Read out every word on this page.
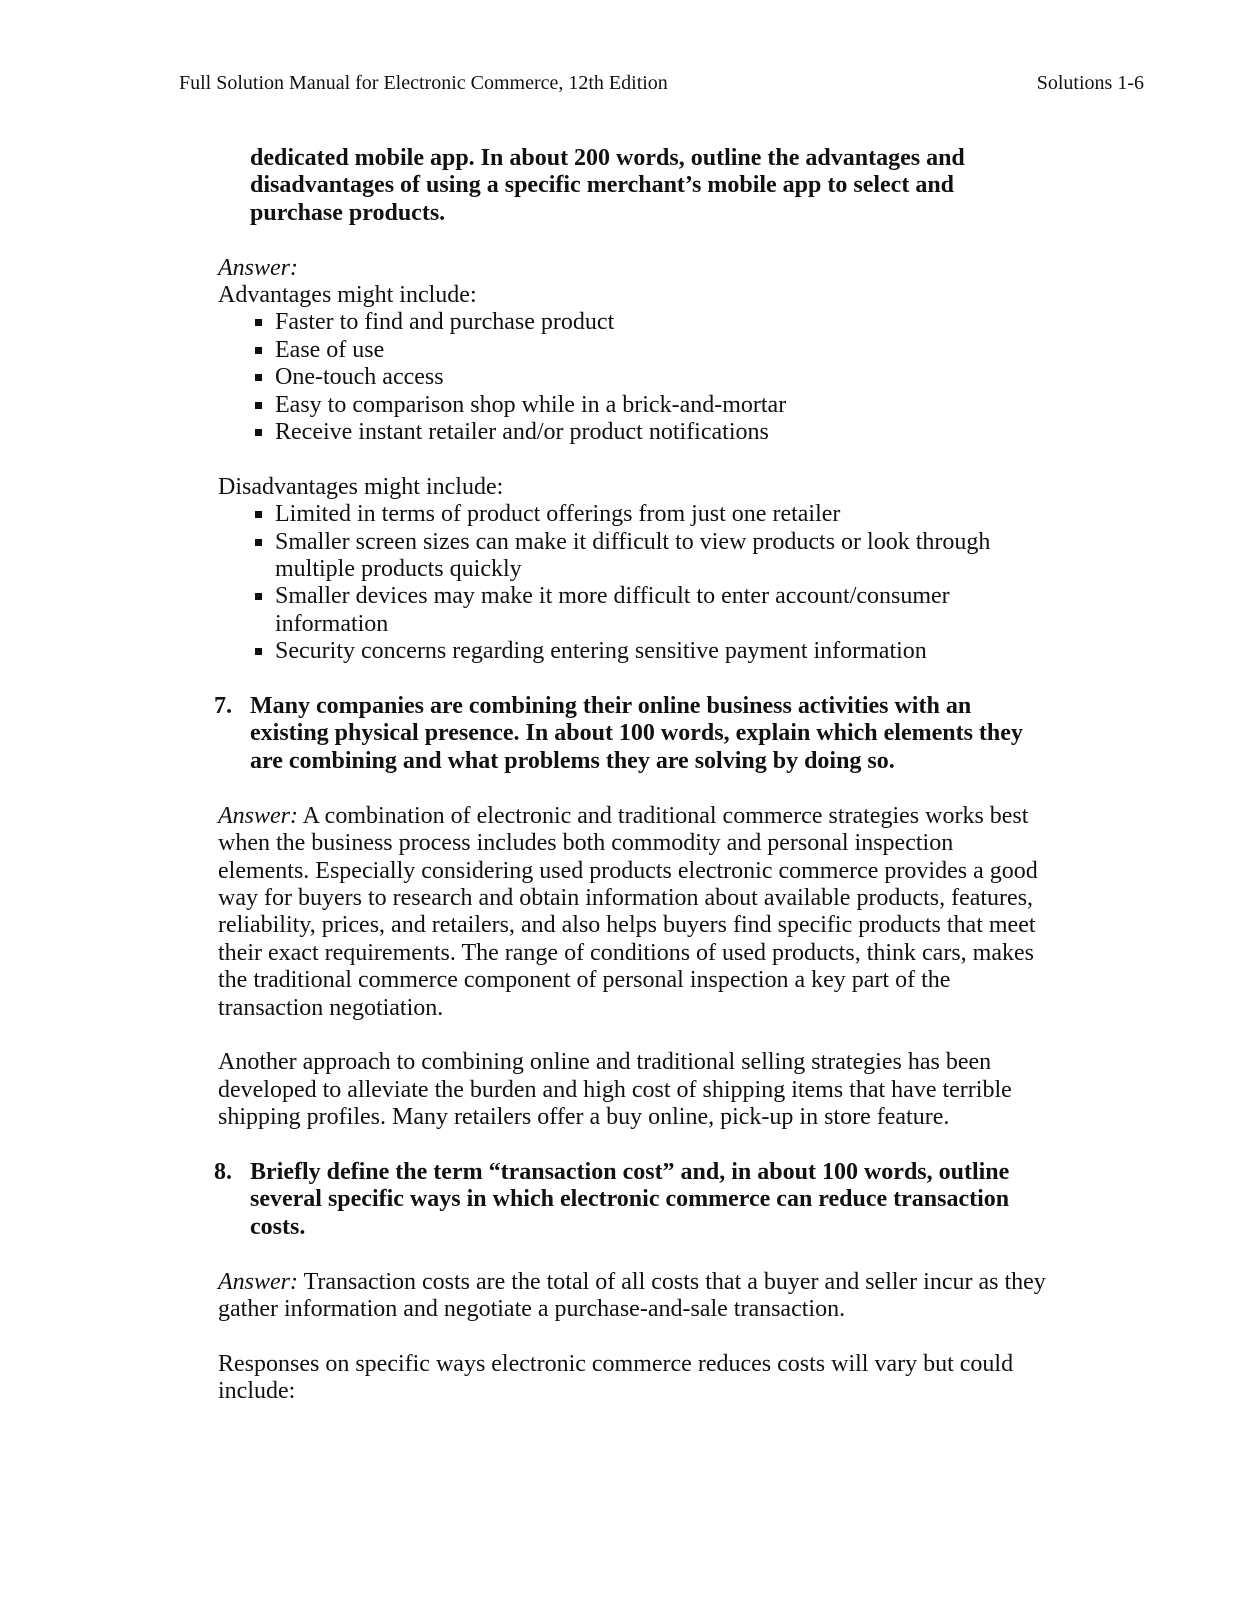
Full Solution Manual for Electronic Commerce, 12th Edition	Solutions 1-6

dedicated mobile app. In about 200 words, outline the advantages and disadvantages of using a specific merchant’s mobile app to select and purchase products.

Answer:

Advantages might include:

Faster to find and purchase product
Ease of use
One-touch access
Easy to comparison shop while in a brick-and-mortar
Receive instant retailer and/or product notifications

Disadvantages might include:

Limited in terms of product offerings from just one retailer
Smaller screen sizes can make it difficult to view products or look through multiple products quickly
Smaller devices may make it more difficult to enter account/consumer information
Security concerns regarding entering sensitive payment information
7. Many companies are combining their online business activities with an existing physical presence. In about 100 words, explain which elements they are combining and what problems they are solving by doing so.

Answer: A combination of electronic and traditional commerce strategies works best when the business process includes both commodity and personal inspection elements. Especially considering used products electronic commerce provides a good way for buyers to research and obtain information about available products, features, reliability, prices, and retailers, and also helps buyers find specific products that meet their exact requirements. The range of conditions of used products, think cars, makes the traditional commerce component of personal inspection a key part of the transaction negotiation.

Another approach to combining online and traditional selling strategies has been developed to alleviate the burden and high cost of shipping items that have terrible shipping profiles. Many retailers offer a buy online, pick-up in store feature.

8. Briefly define the term “transaction cost” and, in about 100 words, outline several specific ways in which electronic commerce can reduce transaction costs.

Answer: Transaction costs are the total of all costs that a buyer and seller incur as they gather information and negotiate a purchase-and-sale transaction.

Responses on specific ways electronic commerce reduces costs will vary but could include:
